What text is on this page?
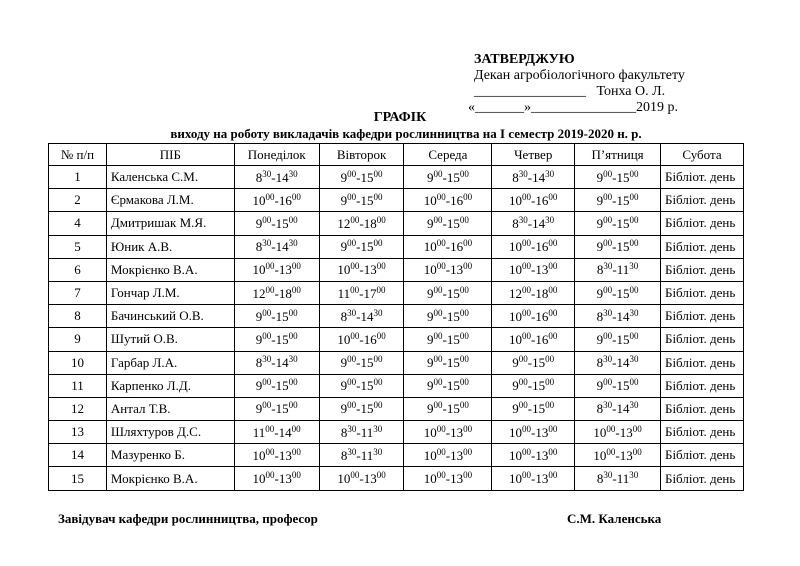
ЗАТВЕРДЖУЮ
Декан агробіологічного факультету
________________   Тонха О. Л.
«_______»_______________2019 р.
ГРАФІК
виходу на роботу викладачів кафедри рослинництва на І семестр 2019-2020 н. р.
№ п/п	ПІБ	Понеділок	Вівторок	Середа	Четвер	П’ятниця	Субота
1	Каленська С.М.	$8^{30}-14^{30}$	$9^{00}-15^{00}$	$9^{00}-15^{00}$	$8^{30}-14^{30}$	$9^{00}-15^{00}$	Бібліот. день
2	Єрмакова Л.М.	$10^{00}-16^{00}$	$9^{00}-15^{00}$	$10^{00}-16^{00}$	$10^{00}-16^{00}$	$9^{00}-15^{00}$	Бібліот. день
4	Дмитришак М.Я.	$9^{00}-15^{00}$	$12^{00}-18^{00}$	$9^{00}-15^{00}$	$8^{30}-14^{30}$	$9^{00}-15^{00}$	Бібліот. день
5	Юник А.В.	$8^{30}-14^{30}$	$9^{00}-15^{00}$	$10^{00}-16^{00}$	$10^{00}-16^{00}$	$9^{00}-15^{00}$	Бібліот. день
6	Мокрієнко В.А.	$10^{00}-13^{00}$	$10^{00}-13^{00}$	$10^{00}-13^{00}$	$10^{00}-13^{00}$	$8^{30}-11^{30}$	Бібліот. день
7	Гончар Л.М.	$12^{00}-18^{00}$	$11^{00}-17^{00}$	$9^{00}-15^{00}$	$12^{00}-18^{00}$	$9^{00}-15^{00}$	Бібліот. день
8	Бачинський О.В.	$9^{00}-15^{00}$	$8^{30}-14^{30}$	$9^{00}-15^{00}$	$10^{00}-16^{00}$	$8^{30}-14^{30}$	Бібліот. день
9	Шутий О.В.	$9^{00}-15^{00}$	$10^{00}-16^{00}$	$9^{00}-15^{00}$	$10^{00}-16^{00}$	$9^{00}-15^{00}$	Бібліот. день
10	Гарбар Л.А.	$8^{30}-14^{30}$	$9^{00}-15^{00}$	$9^{00}-15^{00}$	$9^{00}-15^{00}$	$8^{30}-14^{30}$	Бібліот. день
11	Карпенко Л.Д.	$9^{00}-15^{00}$	$9^{00}-15^{00}$	$9^{00}-15^{00}$	$9^{00}-15^{00}$	$9^{00}-15^{00}$	Бібліот. день
12	Антал Т.В.	$9^{00}-15^{00}$	$9^{00}-15^{00}$	$9^{00}-15^{00}$	$9^{00}-15^{00}$	$8^{30}-14^{30}$	Бібліот. день
13	Шляхтуров Д.С.	$11^{00}-14^{00}$	$8^{30}-11^{30}$	$10^{00}-13^{00}$	$10^{00}-13^{00}$	$10^{00}-13^{00}$	Бібліот. день
14	Мазуренко Б.	$10^{00}-13^{00}$	$8^{30}-11^{30}$	$10^{00}-13^{00}$	$10^{00}-13^{00}$	$10^{00}-13^{00}$	Бібліот. день
15	Мокрієнко В.А.	$10^{00}-13^{00}$	$10^{00}-13^{00}$	$10^{00}-13^{00}$	$10^{00}-13^{00}$	$8^{30}-11^{30}$	Бібліот. день
Завідувач кафедри рослинництва, професор	С.М. Каленська
